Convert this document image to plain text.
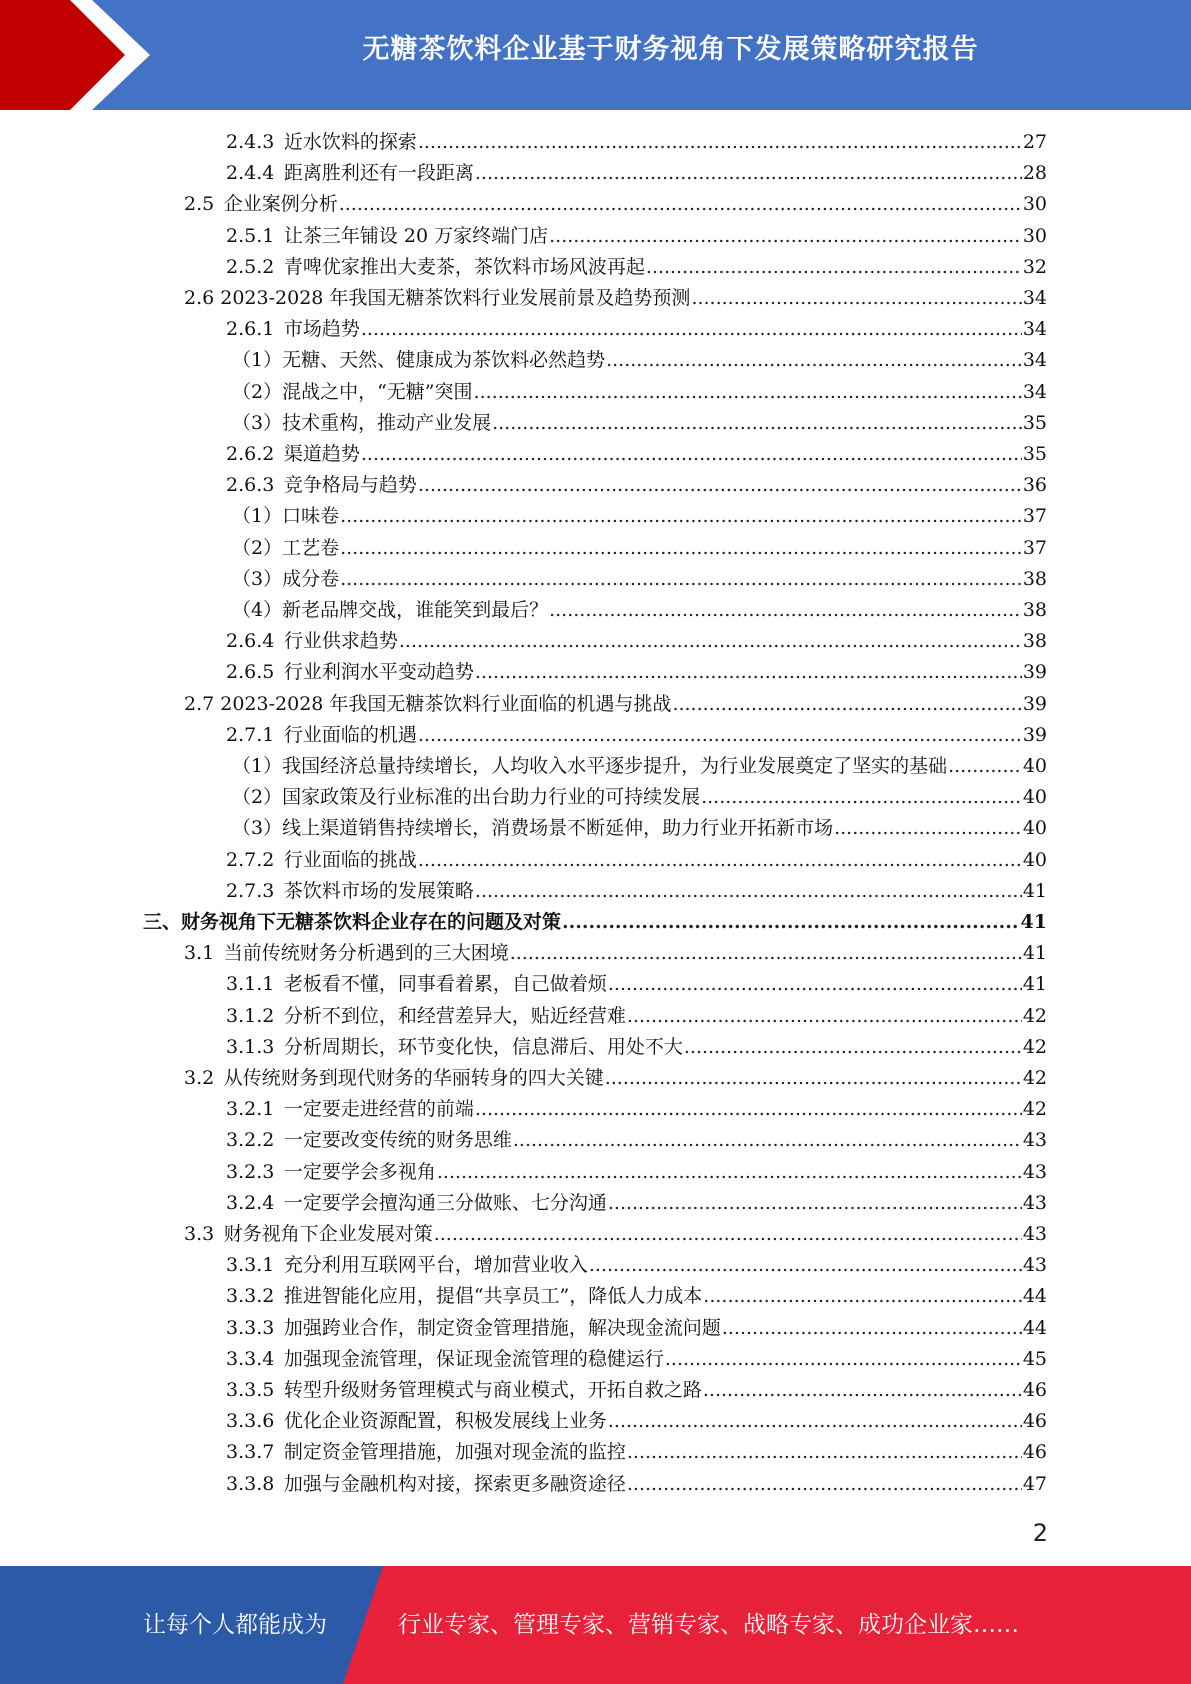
无糖茶饮料企业基于财务视角下发展策略研究报告
2.4.3 近水饮料的探索 .....	27
2.4.4 距离胜利还有一段距离 .....	28
2.5 企业案例分析 .....	30
2.5.1 让茶三年铺设 20 万家终端门店 .....	30
2.5.2 青啤优家推出大麦茶，茶饮料市场风波再起 .....	32
2.6 2023-2028 年我国无糖茶饮料行业发展前景及趋势预测 .....	34
2.6.1 市场趋势 .....	34
（1）无糖、天然、健康成为茶饮料必然趋势 .....	34
（2）混战之中，“无糖”突围 .....	34
（3）技术重构，推动产业发展 .....	35
2.6.2 渠道趋势 .....	35
2.6.3 竞争格局与趋势 .....	36
（1）口味卷 .....	37
（2）工艺卷 .....	37
（3）成分卷 .....	38
（4）新老品牌交战，谁能笑到最后？ .....	38
2.6.4 行业供求趋势 .....	38
2.6.5 行业利润水平变动趋势 .....	39
2.7 2023-2028 年我国无糖茶饮料行业面临的机遇与挑战 .....	39
2.7.1 行业面临的机遇 .....	39
（1）我国经济总量持续增长，人均收入水平逐步提升，为行业发展奠定了坚实的基础 .....	40
（2）国家政策及行业标准的出台助力行业的可持续发展 .....	40
（3）线上渠道销售持续增长，消费场景不断延伸，助力行业开拓新市场 .....	40
2.7.2 行业面临的挑战 .....	40
2.7.3 茶饮料市场的发展策略 .....	41
三、财务视角下无糖茶饮料企业存在的问题及对策 .....	41
3.1 当前传统财务分析遇到的三大困境 .....	41
3.1.1 老板看不懂，同事看着累，自己做着烦 .....	41
3.1.2 分析不到位，和经营差异大，贴近经营难 .....	42
3.1.3 分析周期长，环节变化快，信息滞后、用处不大 .....	42
3.2 从传统财务到现代财务的华丽转身的四大关键 .....	42
3.2.1 一定要走进经营的前端 .....	42
3.2.2 一定要改变传统的财务思维 .....	43
3.2.3 一定要学会多视角 .....	43
3.2.4 一定要学会擅沟通三分做账、七分沟通 .....	43
3.3 财务视角下企业发展对策 .....	43
3.3.1 充分利用互联网平台，增加营业收入 .....	43
3.3.2 推进智能化应用，提倡“共享员工”，降低人力成本 .....	44
3.3.3 加强跨业合作，制定资金管理措施，解决现金流问题 .....	44
3.3.4 加强现金流管理，保证现金流管理的稳健运行 .....	45
3.3.5 转型升级财务管理模式与商业模式，开拓自救之路 .....	46
3.3.6 优化企业资源配置，积极发展线上业务 .....	46
3.3.7 制定资金管理措施，加强对现金流的监控 .....	46
3.3.8 加强与金融机构对接，探索更多融资途径 .....	47
2
让每个人都能成为	行业专家、管理专家、营销专家、战略专家、成功企业家……
